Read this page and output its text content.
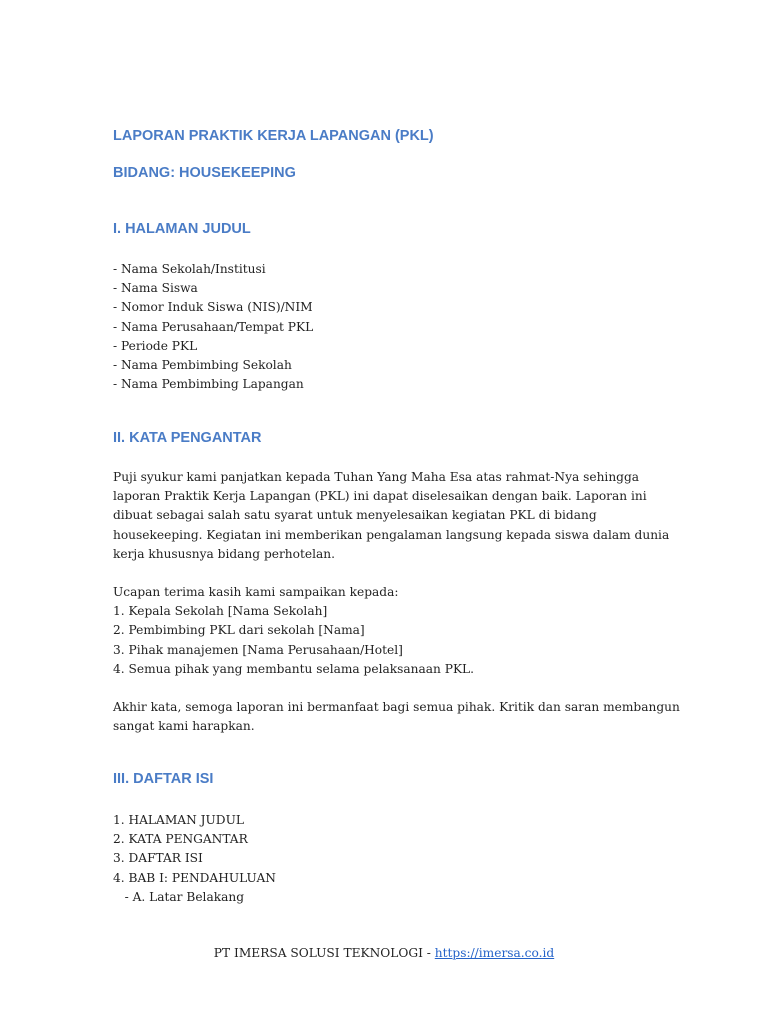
LAPORAN PRAKTIK KERJA LAPANGAN (PKL)
BIDANG: HOUSEKEEPING
I. HALAMAN JUDUL

- Nama Sekolah/Institusi

- Nama Siswa

- Nomor Induk Siswa (NIS)/NIM

- Nama Perusahaan/Tempat PKL

- Periode PKL

- Nama Pembimbing Sekolah

- Nama Pembimbing Lapangan

II. KATA PENGANTAR

Puji syukur kami panjatkan kepada Tuhan Yang Maha Esa atas rahmat-Nya sehingga

laporan Praktik Kerja Lapangan (PKL) ini dapat diselesaikan dengan baik. Laporan ini

dibuat sebagai salah satu syarat untuk menyelesaikan kegiatan PKL di bidang

housekeeping. Kegiatan ini memberikan pengalaman langsung kepada siswa dalam dunia

kerja khususnya bidang perhotelan.

Ucapan terima kasih kami sampaikan kepada:

1. Kepala Sekolah [Nama Sekolah]

2. Pembimbing PKL dari sekolah [Nama]

3. Pihak manajemen [Nama Perusahaan/Hotel]

4. Semua pihak yang membantu selama pelaksanaan PKL.

Akhir kata, semoga laporan ini bermanfaat bagi semua pihak. Kritik dan saran membangun

sangat kami harapkan.

III. DAFTAR ISI

1. HALAMAN JUDUL

2. KATA PENGANTAR

3. DAFTAR ISI

4. BAB I: PENDAHULUAN

- A. Latar Belakang

PT IMERSA SOLUSI TEKNOLOGI - https://imersa.co.id
